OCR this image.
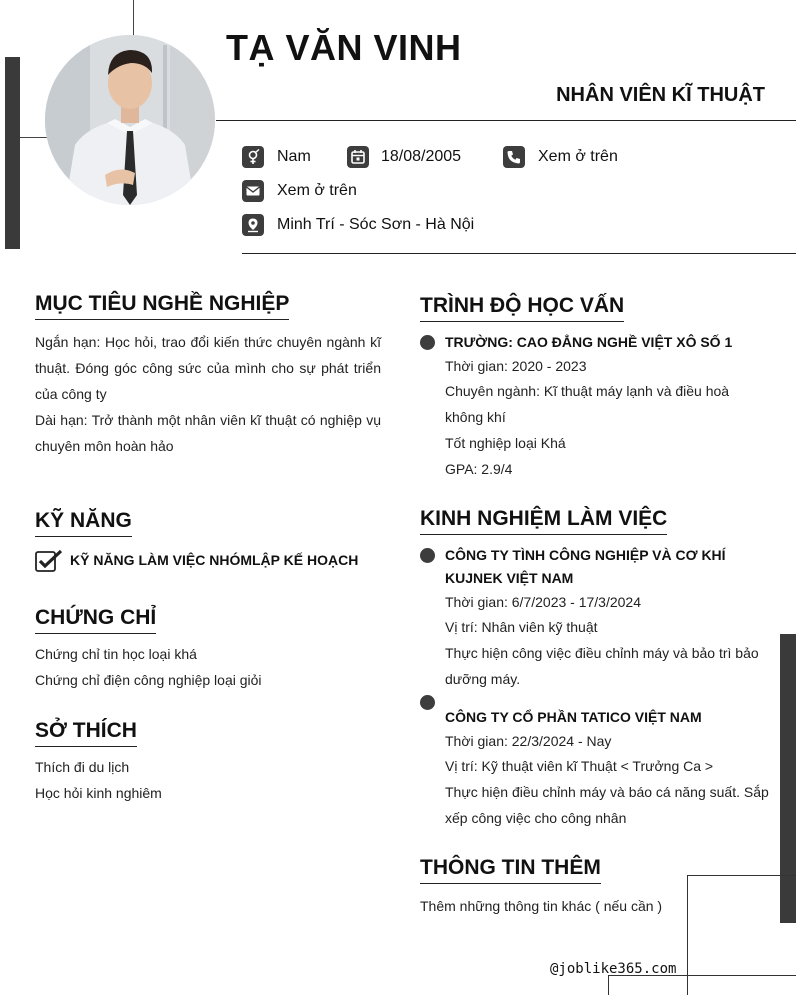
TẠ VĂN VINH
NHÂN VIÊN KĨ THUẬT
Nam	18/08/2005	Xem ở trên
Xem ở trên
Minh Trí - Sóc Sơn - Hà Nội
MỤC TIÊU NGHỀ NGHIỆP

Ngắn hạn: Học hỏi, trao đổi kiến thức chuyên ngành kĩ thuật. Đóng góc công sức của mình cho sự phát triển của công ty

Dài hạn: Trở thành một nhân viên kĩ thuật có nghiệp vụ chuyên môn hoàn hảo

KỸ NĂNG
KỸ NĂNG LÀM VIỆC NHÓMLẬP KẾ HOẠCH
CHỨNG CHỈ

Chứng chỉ tin học loại khá

Chứng chỉ điện công nghiệp loại giỏi

SỞ THÍCH

Thích đi du lịch

Học hỏi kinh nghiêm

TRÌNH ĐỘ HỌC VẤN

TRƯỜNG: CAO ĐẲNG NGHỀ VIỆT XÔ SỐ 1

Thời gian: 2020 - 2023

Chuyên ngành: Kĩ thuật máy lạnh và điều hoà không khí

Tốt nghiệp loại Khá

GPA: 2.9/4

KINH NGHIỆM LÀM VIỆC

CÔNG TY TÌNH CÔNG NGHIỆP VÀ CƠ KHÍ KUJNEK VIỆT NAM

Thời gian: 6/7/2023 - 17/3/2024

Vị trí: Nhân viên kỹ thuật

Thực hiện công việc điều chỉnh máy và bảo trì bảo dưỡng máy.

CÔNG TY CỔ PHẦN TATICO VIỆT NAM

Thời gian: 22/3/2024 - Nay

Vị trí: Kỹ thuật viên kĩ Thuật < Trưởng Ca >

Thực hiện điều chỉnh máy và báo cá năng suất. Sắp xếp công việc cho công nhân

THÔNG TIN THÊM

Thêm những thông tin khác ( nếu cần )

@joblike365.com
